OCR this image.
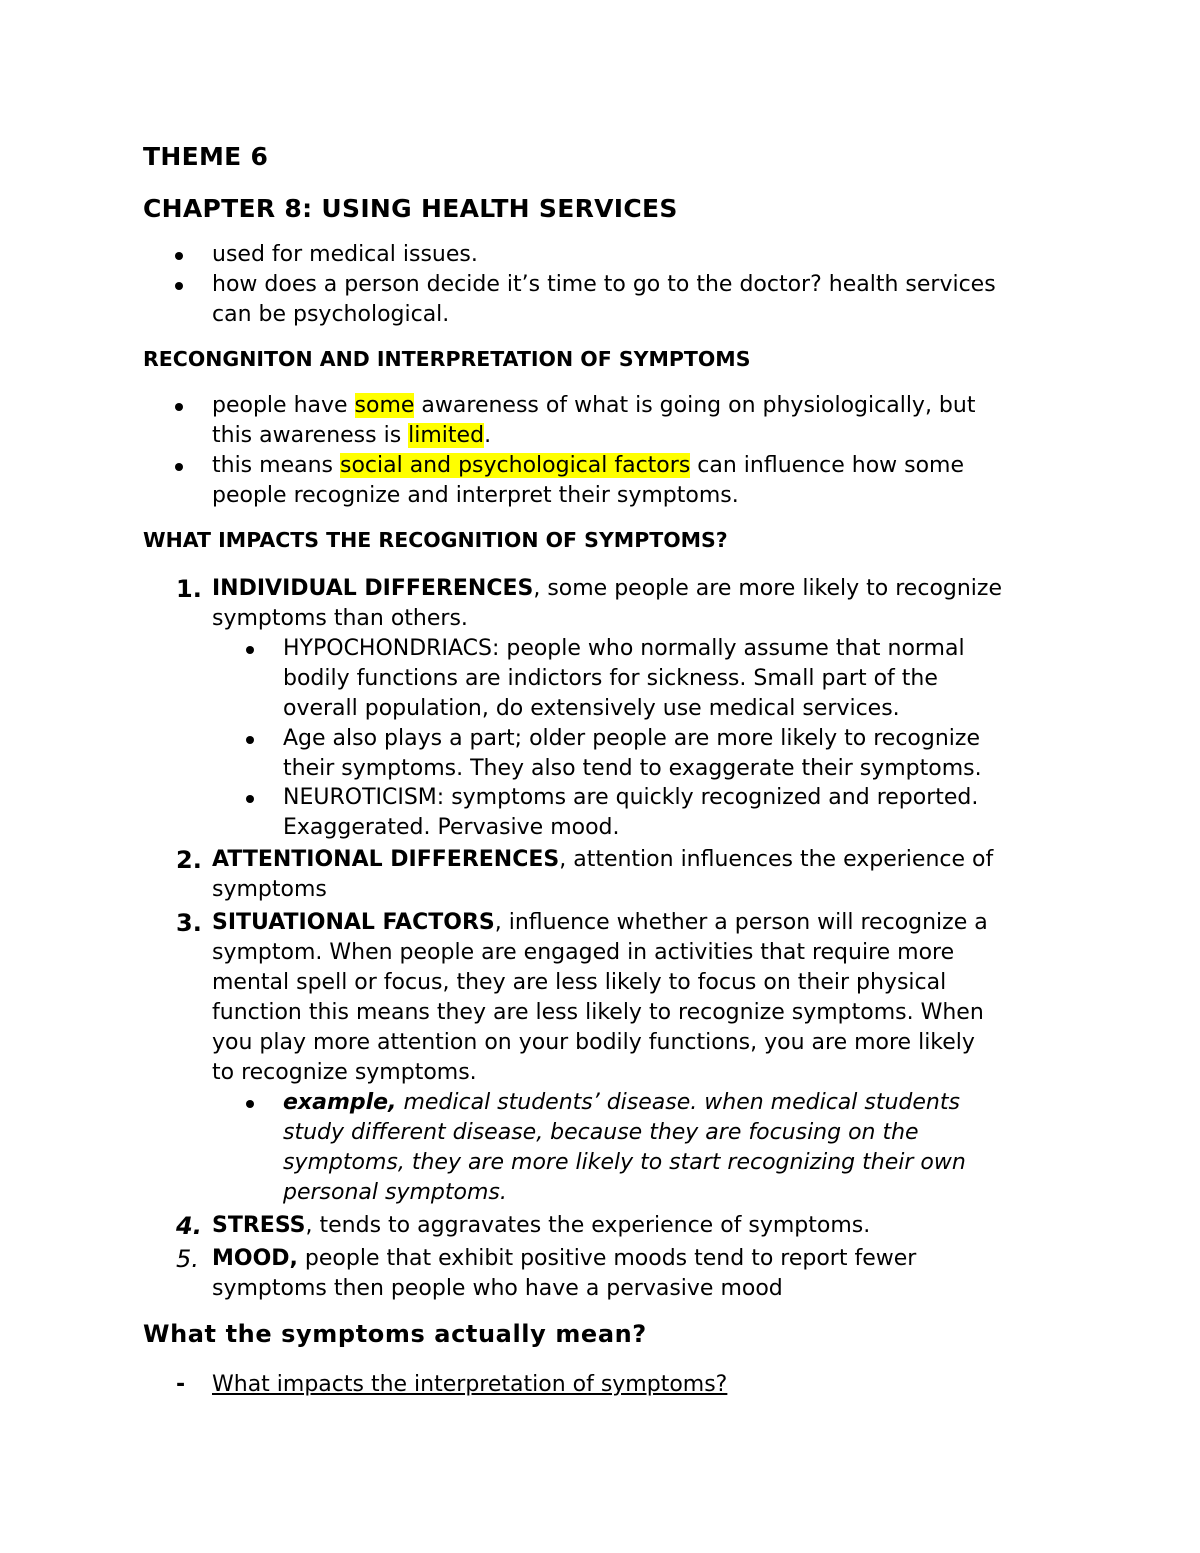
THEME 6
CHAPTER 8: USING HEALTH SERVICES
used for medical issues.
how does a person decide it’s time to go to the doctor? health services
can be psychological.
RECONGNITON AND INTERPRETATION OF SYMPTOMS
people have some awareness of what is going on physiologically, but
this awareness is limited.
this means social and psychological factors can influence how some
people recognize and interpret their symptoms.
WHAT IMPACTS THE RECOGNITION OF SYMPTOMS?
1. INDIVIDUAL DIFFERENCES, some people are more likely to recognize
symptoms than others.
HYPOCHONDRIACS: people who normally assume that normal
bodily functions are indictors for sickness. Small part of the
overall population, do extensively use medical services.
Age also plays a part; older people are more likely to recognize
their symptoms. They also tend to exaggerate their symptoms.
NEUROTICISM: symptoms are quickly recognized and reported.
Exaggerated. Pervasive mood.
2. ATTENTIONAL DIFFERENCES, attention influences the experience of
symptoms
3. SITUATIONAL FACTORS, influence whether a person will recognize a
symptom. When people are engaged in activities that require more
mental spell or focus, they are less likely to focus on their physical
function this means they are less likely to recognize symptoms. When
you play more attention on your bodily functions, you are more likely
to recognize symptoms.
example, medical students’ disease. when medical students
study different disease, because they are focusing on the
symptoms, they are more likely to start recognizing their own
personal symptoms.
4. STRESS, tends to aggravates the experience of symptoms.
5. MOOD, people that exhibit positive moods tend to report fewer
symptoms then people who have a pervasive mood
What the symptoms actually mean?
- What impacts the interpretation of symptoms?
